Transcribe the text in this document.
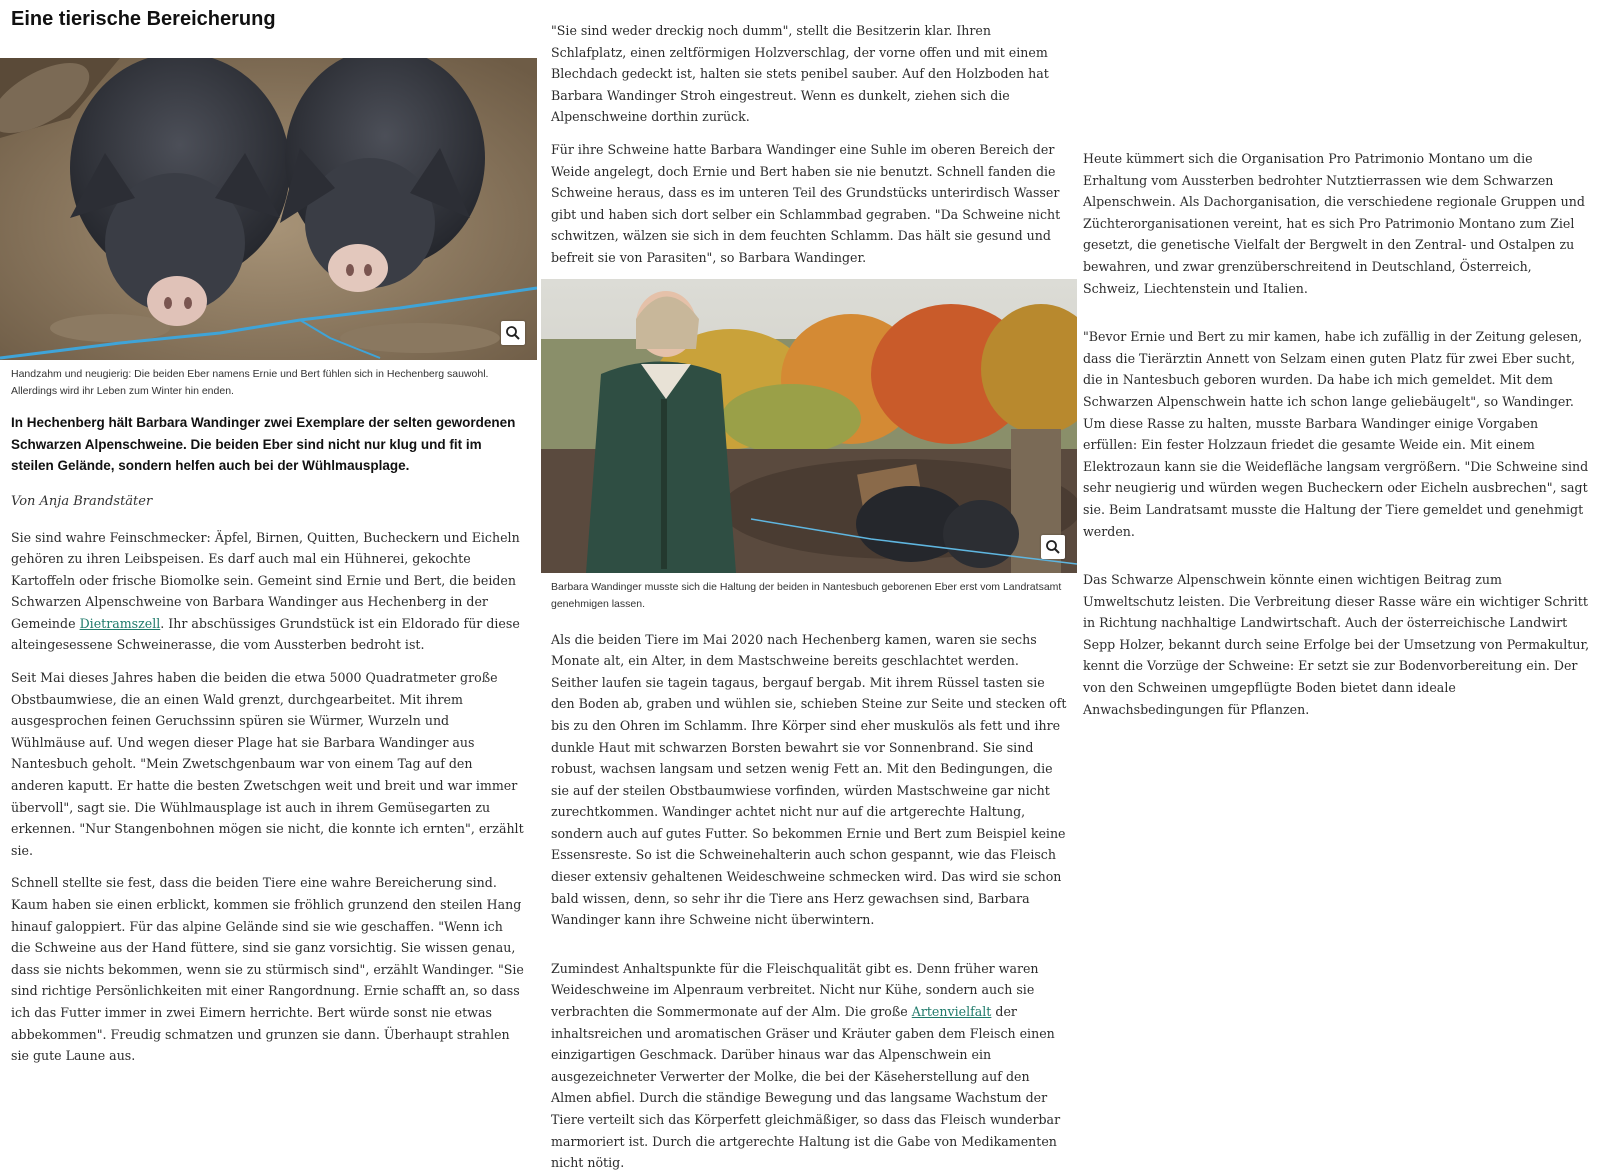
Eine tierische Bereicherung
Handzahm und neugierig: Die beiden Eber namens Ernie und Bert fühlen sich in Hechenberg sauwohl. Allerdings wird ihr Leben zum Winter hin enden.
In Hechenberg hält Barbara Wandinger zwei Exemplare der selten gewordenen Schwarzen Alpenschweine. Die beiden Eber sind nicht nur klug und fit im steilen Gelände, sondern helfen auch bei der Wühlmausplage.
Von Anja Brandstäter

Sie sind wahre Feinschmecker: Äpfel, Birnen, Quitten, Bucheckern und Eicheln gehören zu ihren Leibspeisen. Es darf auch mal ein Hühnerei, gekochte Kartoffeln oder frische Biomolke sein. Gemeint sind Ernie und Bert, die beiden Schwarzen Alpenschweine von Barbara Wandinger aus Hechenberg in der Gemeinde Dietramszell. Ihr abschüssiges Grundstück ist ein Eldorado für diese alteingesessene Schweinerasse, die vom Aussterben bedroht ist.

Seit Mai dieses Jahres haben die beiden die etwa 5000 Quadratmeter große Obstbaumwiese, die an einen Wald grenzt, durchgearbeitet. Mit ihrem ausgesprochen feinen Geruchssinn spüren sie Würmer, Wurzeln und Wühlmäuse auf. Und wegen dieser Plage hat sie Barbara Wandinger aus Nantesbuch geholt. "Mein Zwetschgenbaum war von einem Tag auf den anderen kaputt. Er hatte die besten Zwetschgen weit und breit und war immer übervoll", sagt sie. Die Wühlmausplage ist auch in ihrem Gemüsegarten zu erkennen. "Nur Stangenbohnen mögen sie nicht, die konnte ich ernten", erzählt sie.

Schnell stellte sie fest, dass die beiden Tiere eine wahre Bereicherung sind. Kaum haben sie einen erblickt, kommen sie fröhlich grunzend den steilen Hang hinauf galoppiert. Für das alpine Gelände sind sie wie geschaffen. "Wenn ich die Schweine aus der Hand füttere, sind sie ganz vorsichtig. Sie wissen genau, dass sie nichts bekommen, wenn sie zu stürmisch sind", erzählt Wandinger. "Sie sind richtige Persönlichkeiten mit einer Rangordnung. Ernie schafft an, so dass ich das Futter immer in zwei Eimern herrichte. Bert würde sonst nie etwas abbekommen". Freudig schmatzen und grunzen sie dann. Überhaupt strahlen sie gute Laune aus.

"Sie sind weder dreckig noch dumm", stellt die Besitzerin klar. Ihren Schlafplatz, einen zeltförmigen Holzverschlag, der vorne offen und mit einem Blechdach gedeckt ist, halten sie stets penibel sauber. Auf den Holzboden hat Barbara Wandinger Stroh eingestreut. Wenn es dunkelt, ziehen sich die Alpenschweine dorthin zurück.

Für ihre Schweine hatte Barbara Wandinger eine Suhle im oberen Bereich der Weide angelegt, doch Ernie und Bert haben sie nie benutzt. Schnell fanden die Schweine heraus, dass es im unteren Teil des Grundstücks unterirdisch Wasser gibt und haben sich dort selber ein Schlammbad gegraben. "Da Schweine nicht schwitzen, wälzen sie sich in dem feuchten Schlamm. Das hält sie gesund und befreit sie von Parasiten", so Barbara Wandinger.

Barbara Wandinger musste sich die Haltung der beiden in Nantesbuch geborenen Eber erst vom Landratsamt genehmigen lassen.

Als die beiden Tiere im Mai 2020 nach Hechenberg kamen, waren sie sechs Monate alt, ein Alter, in dem Mastschweine bereits geschlachtet werden. Seither laufen sie tagein tagaus, bergauf bergab. Mit ihrem Rüssel tasten sie den Boden ab, graben und wühlen sie, schieben Steine zur Seite und stecken oft bis zu den Ohren im Schlamm. Ihre Körper sind eher muskulös als fett und ihre dunkle Haut mit schwarzen Borsten bewahrt sie vor Sonnenbrand. Sie sind robust, wachsen langsam und setzen wenig Fett an. Mit den Bedingungen, die sie auf der steilen Obstbaumwiese vorfinden, würden Mastschweine gar nicht zurechtkommen. Wandinger achtet nicht nur auf die artgerechte Haltung, sondern auch auf gutes Futter. So bekommen Ernie und Bert zum Beispiel keine Essensreste. So ist die Schweinehalterin auch schon gespannt, wie das Fleisch dieser extensiv gehaltenen Weideschweine schmecken wird. Das wird sie schon bald wissen, denn, so sehr ihr die Tiere ans Herz gewachsen sind, Barbara Wandinger kann ihre Schweine nicht überwintern.

Zumindest Anhaltspunkte für die Fleischqualität gibt es. Denn früher waren Weideschweine im Alpenraum verbreitet. Nicht nur Kühe, sondern auch sie verbrachten die Sommermonate auf der Alm. Die große Artenvielfalt der inhaltsreichen und aromatischen Gräser und Kräuter gaben dem Fleisch einen einzigartigen Geschmack. Darüber hinaus war das Alpenschwein ein ausgezeichneter Verwerter der Molke, die bei der Käseherstellung auf den Almen abfiel. Durch die ständige Bewegung und das langsame Wachstum der Tiere verteilt sich das Körperfett gleichmäßiger, so dass das Fleisch wunderbar marmoriert ist. Durch die artgerechte Haltung ist die Gabe von Medikamenten nicht nötig.

Heute kümmert sich die Organisation Pro Patrimonio Montano um die Erhaltung vom Aussterben bedrohter Nutztierrassen wie dem Schwarzen Alpenschwein. Als Dachorganisation, die verschiedene regionale Gruppen und Züchterorganisationen vereint, hat es sich Pro Patrimonio Montano zum Ziel gesetzt, die genetische Vielfalt der Bergwelt in den Zentral- und Ostalpen zu bewahren, und zwar grenzüberschreitend in Deutschland, Österreich, Schweiz, Liechtenstein und Italien.

"Bevor Ernie und Bert zu mir kamen, habe ich zufällig in der Zeitung gelesen, dass die Tierärztin Annett von Selzam einen guten Platz für zwei Eber sucht, die in Nantesbuch geboren wurden. Da habe ich mich gemeldet. Mit dem Schwarzen Alpenschwein hatte ich schon lange geliebäugelt", so Wandinger. Um diese Rasse zu halten, musste Barbara Wandinger einige Vorgaben erfüllen: Ein fester Holzzaun friedet die gesamte Weide ein. Mit einem Elektrozaun kann sie die Weidefläche langsam vergrößern. "Die Schweine sind sehr neugierig und würden wegen Bucheckern oder Eicheln ausbrechen", sagt sie. Beim Landratsamt musste die Haltung der Tiere gemeldet und genehmigt werden.

Das Schwarze Alpenschwein könnte einen wichtigen Beitrag zum Umweltschutz leisten. Die Verbreitung dieser Rasse wäre ein wichtiger Schritt in Richtung nachhaltige Landwirtschaft. Auch der österreichische Landwirt Sepp Holzer, bekannt durch seine Erfolge bei der Umsetzung von Permakultur, kennt die Vorzüge der Schweine: Er setzt sie zur Bodenvorbereitung ein. Der von den Schweinen umgepflügte Boden bietet dann ideale Anwachsbedingungen für Pflanzen.
